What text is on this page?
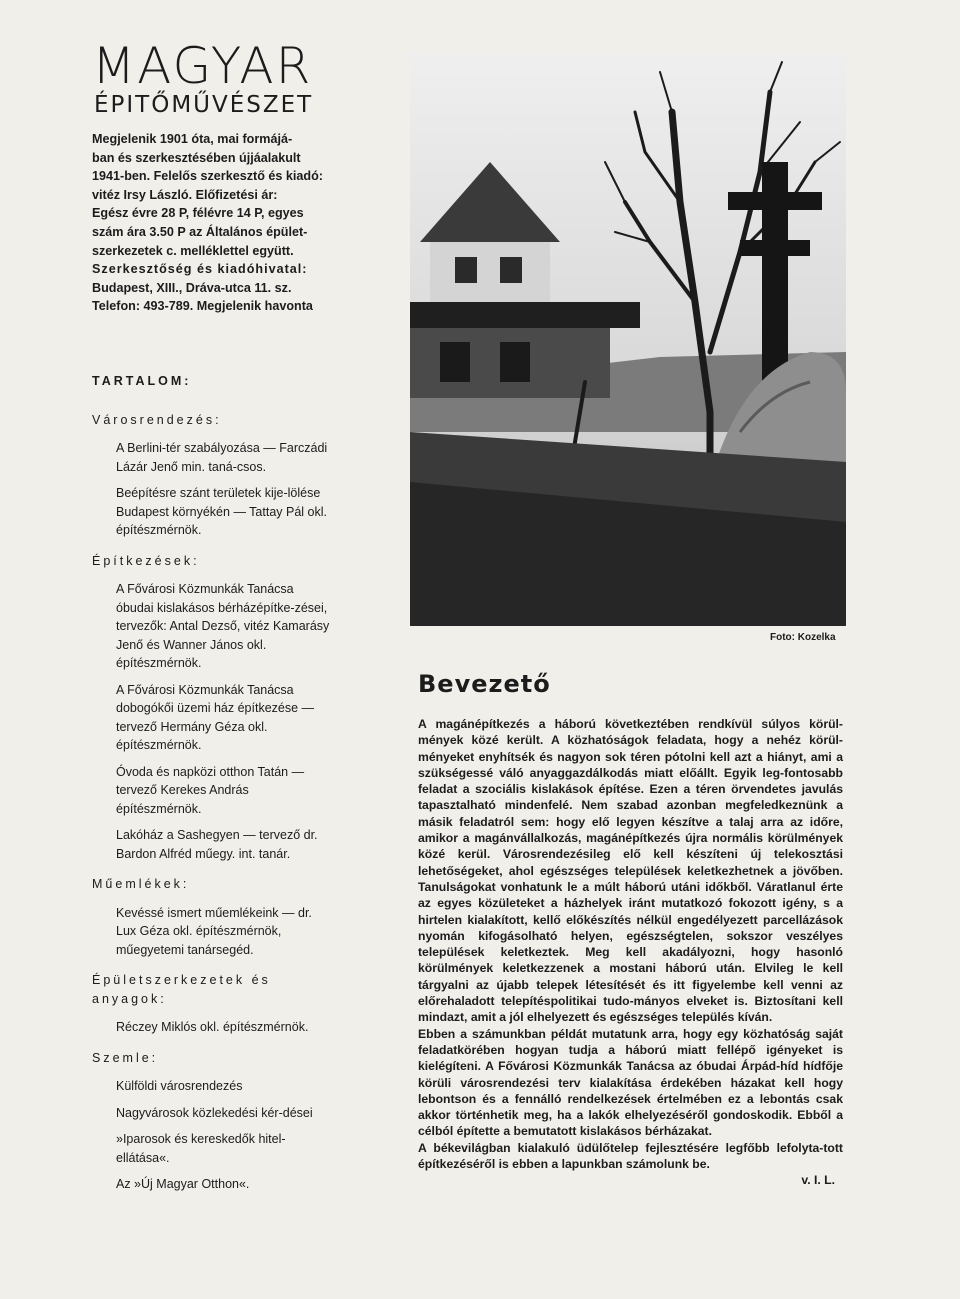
MAGYAR
ÉPITŐMŰVÉSZET

Megjelenik 1901 óta, mai formájá-

ban és szerkesztésében újjáalakult

1941-ben. Felelős szerkesztő és kiadó:

vitéz Irsy László. Előfizetési ár:

Egész évre 28 P, félévre 14 P, egyes

szám ára 3.50 P az Általános épület-

szerkezetek c. melléklettel együtt.

Szerkesztőség és kiadóhivatal:

Budapest, XIII., Dráva-utca 11. sz.

Telefon: 493-789. Megjelenik havonta

TARTALOM:
Városrendezés:
A Berlini-tér szabályozása — Farczádi Lázár Jenő min. taná-csos.
Beépítésre szánt területek kije-lölése Budapest környékén — Tattay Pál okl. építészmérnök.
Építkezések:
A Fővárosi Közmunkák Tanácsa óbudai kislakásos bérházépítke-zései, tervezők: Antal Dezső, vitéz Kamarásy Jenő és Wanner János okl. építészmérnök.
A Fővárosi Közmunkák Tanácsa dobogókői üzemi ház építkezése — tervező Hermány Géza okl. építészmérnök.
Óvoda és napközi otthon Tatán — tervező Kerekes András építészmérnök.
Lakóház a Sashegyen — tervező dr. Bardon Alfréd műegy. int. tanár.
Műemlékek:
Kevéssé ismert műemlékeink — dr. Lux Géza okl. építészmérnök, műegyetemi tanársegéd.
Épületszerkezetek és anyagok:
Réczey Miklós okl. építészmérnök.
Szemle:
Külföldi városrendezés
Nagyvárosok közlekedési kér-dései
»Iparosok és kereskedők hitel-ellátása«.
Az »Új Magyar Otthon«.
Foto: Kozelka
Bevezető

A magánépítkezés a háború következtében rendkívül súlyos körül-mények közé került. A közhatóságok feladata, hogy a nehéz körül-ményeket enyhítsék és nagyon sok téren pótolni kell azt a hiányt, ami a szükségessé váló anyaggazdálkodás miatt előállt. Egyik leg-fontosabb feladat a szociális kislakások építése. Ezen a téren örvendetes javulás tapasztalható mindenfelé. Nem szabad azonban megfeledkeznünk a másik feladatról sem: hogy elő legyen készítve a talaj arra az időre, amikor a magánvállalkozás, magánépítkezés újra normális körülmények közé kerül. Városrendezésileg elő kell készíteni új telekosztási lehetőségeket, ahol egészséges települések keletkezhetnek a jövőben. Tanulságokat vonhatunk le a múlt háború utáni időkből. Váratlanul érte az egyes közületeket a házhelyek iránt mutatkozó fokozott igény, s a hirtelen kialakított, kellő előkészítés nélkül engedélyezett parcellázások nyomán kifogásolható helyen, egészségtelen, sokszor veszélyes települések keletkeztek. Meg kell akadályozni, hogy hasonló körülmények keletkezzenek a mostani háború után. Elvileg le kell tárgyalni az újabb telepek létesítését és itt figyelembe kell venni az előrehaladott telepítéspolitikai tudo-mányos elveket is. Biztosítani kell mindazt, amit a jól elhelyezett és egészséges település kíván.

Ebben a számunkban példát mutatunk arra, hogy egy közhatóság saját feladatkörében hogyan tudja a háború miatt fellépő igényeket is kielégíteni. A Fővárosi Közmunkák Tanácsa az óbudai Árpád-híd hídfője körüli városrendezési terv kialakítása érdekében házakat kell hogy lebontson és a fennálló rendelkezések értelmében ez a lebontás csak akkor történhetik meg, ha a lakók elhelyezéséről gondoskodik. Ebből a célból építette a bemutatott kislakásos bérházakat.

A békevilágban kialakuló üdülőtelep fejlesztésére legfőbb lefolyta-tott építkezéséről is ebben a lapunkban számolunk be.

v. I. L.
